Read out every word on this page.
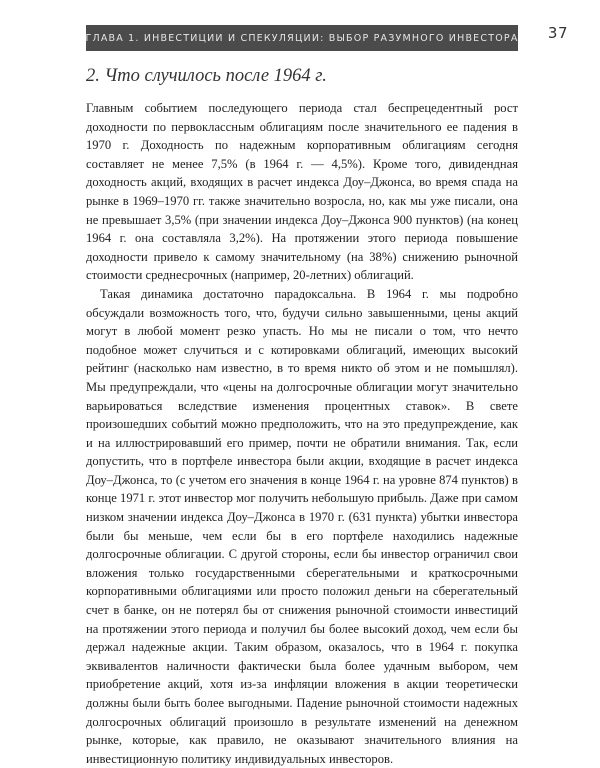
ГЛАВА 1. ИНВЕСТИЦИИ И СПЕКУЛЯЦИИ: ВЫБОР РАЗУМНОГО ИНВЕСТОРА 37
2. Что случилось после 1964 г.

Главным событием последующего периода стал беспрецедентный рост доходности по первоклассным облигациям после значительного ее падения в 1970 г. Доходность по надежным корпоративным облигациям сегодня составляет не менее 7,5% (в 1964 г. — 4,5%). Кроме того, дивидендная доходность акций, входящих в расчет индекса Доу–Джонса, во время спада на рынке в 1969–1970 гг. также значительно возросла, но, как мы уже писали, она не превышает 3,5% (при значении индекса Доу–Джонса 900 пунктов) (на конец 1964 г. она составляла 3,2%). На протяжении этого периода повышение доходности привело к самому значительному (на 38%) снижению рыночной стоимости среднесрочных (например, 20-летних) облигаций.

Такая динамика достаточно парадоксальна. В 1964 г. мы подробно обсуждали возможность того, что, будучи сильно завышенными, цены акций могут в любой момент резко упасть. Но мы не писали о том, что нечто подобное может случиться и с котировками облигаций, имеющих высокий рейтинг (насколько нам известно, в то время никто об этом и не помышлял). Мы предупреждали, что «цены на долгосрочные облигации могут значительно варьироваться вследствие изменения процентных ставок». В свете произошедших событий можно предположить, что на это предупреждение, как и на иллюстрировавший его пример, почти не обратили внимания. Так, если допустить, что в портфеле инвестора были акции, входящие в расчет индекса Доу–Джонса, то (с учетом его значения в конце 1964 г. на уровне 874 пунктов) в конце 1971 г. этот инвестор мог получить небольшую прибыль. Даже при самом низком значении индекса Доу–Джонса в 1970 г. (631 пункта) убытки инвестора были бы меньше, чем если бы в его портфеле находились надежные долгосрочные облигации. С другой стороны, если бы инвестор ограничил свои вложения только государственными сберегательными и краткосрочными корпоративными облигациями или просто положил деньги на сберегательный счет в банке, он не потерял бы от снижения рыночной стоимости инвестиций на протяжении этого периода и получил бы более высокий доход, чем если бы держал надежные акции. Таким образом, оказалось, что в 1964 г. покупка эквивалентов наличности фактически была более удачным выбором, чем приобретение акций, хотя из-за инфляции вложения в акции теоретически должны были быть более выгодными. Падение рыночной стоимости надежных долгосрочных облигаций произошло в результате изменений на денежном рынке, которые, как правило, не оказывают значительного влияния на инвестиционную политику индивидуальных инвесторов.
